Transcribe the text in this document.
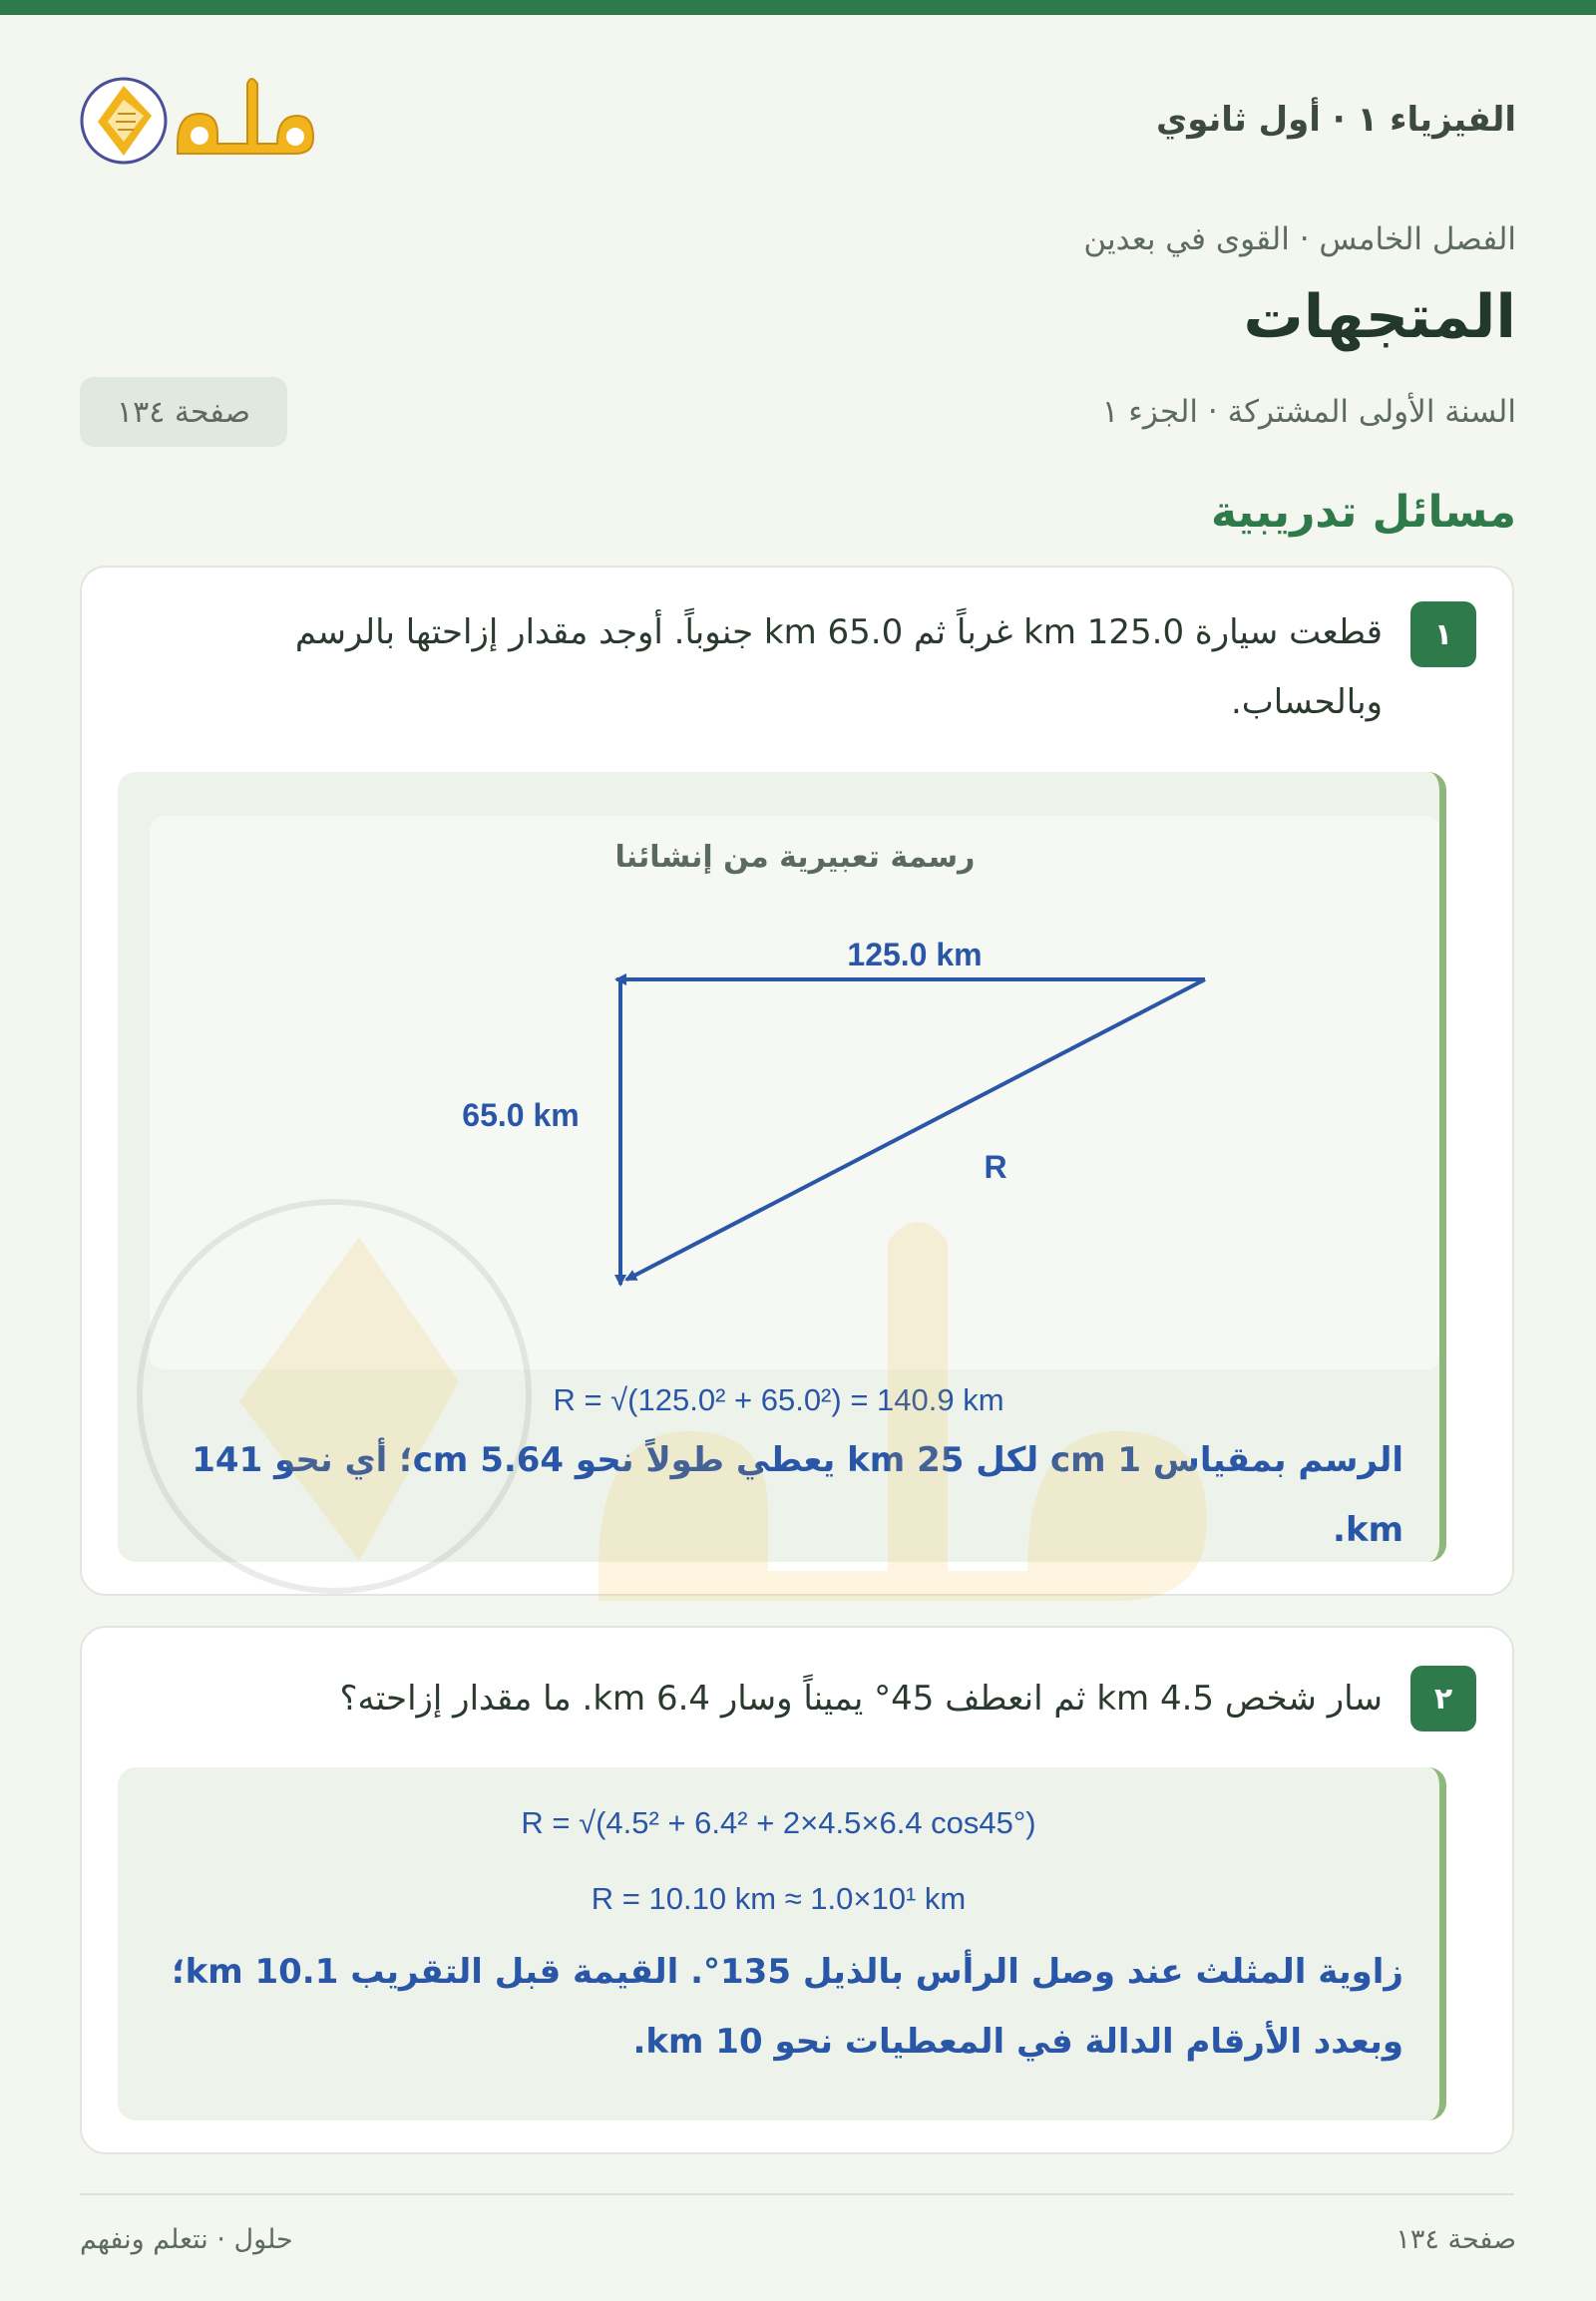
حلول
الفيزياء ١ · أول ثانوي
الفصل الخامس · القوى في بعدين
المتجهات
السنة الأولى المشتركة · الجزء ١
صفحة ١٣٤
مسائل تدريبية
١
قطعت سيارة 125.0 km غرباً ثم 65.0 km جنوباً. أوجد مقدار إزاحتها بالرسم
وبالحساب.
رسمة تعبيرية من إنشائنا
125.0 km
65.0 km
R
R = √(125.0² + 65.0²) = 140.9 km
الرسم بمقياس 1 cm لكل 25 km يعطي طولاً نحو 5.64 cm؛ أي نحو 141 km.
٢
سار شخص 4.5 km ثم انعطف 45° يميناً وسار 6.4 km. ما مقدار إزاحته؟
R = √(4.5² + 6.4² + 2×4.5×6.4 cos45°)
R = 10.10 km ≈ 1.0×10¹ km
زاوية المثلث عند وصل الرأس بالذيل 135°. القيمة قبل التقريب 10.1 km؛
وبعدد الأرقام الدالة في المعطيات نحو 10 km.
حلول · نتعلم ونفهم	صفحة ١٣٤
